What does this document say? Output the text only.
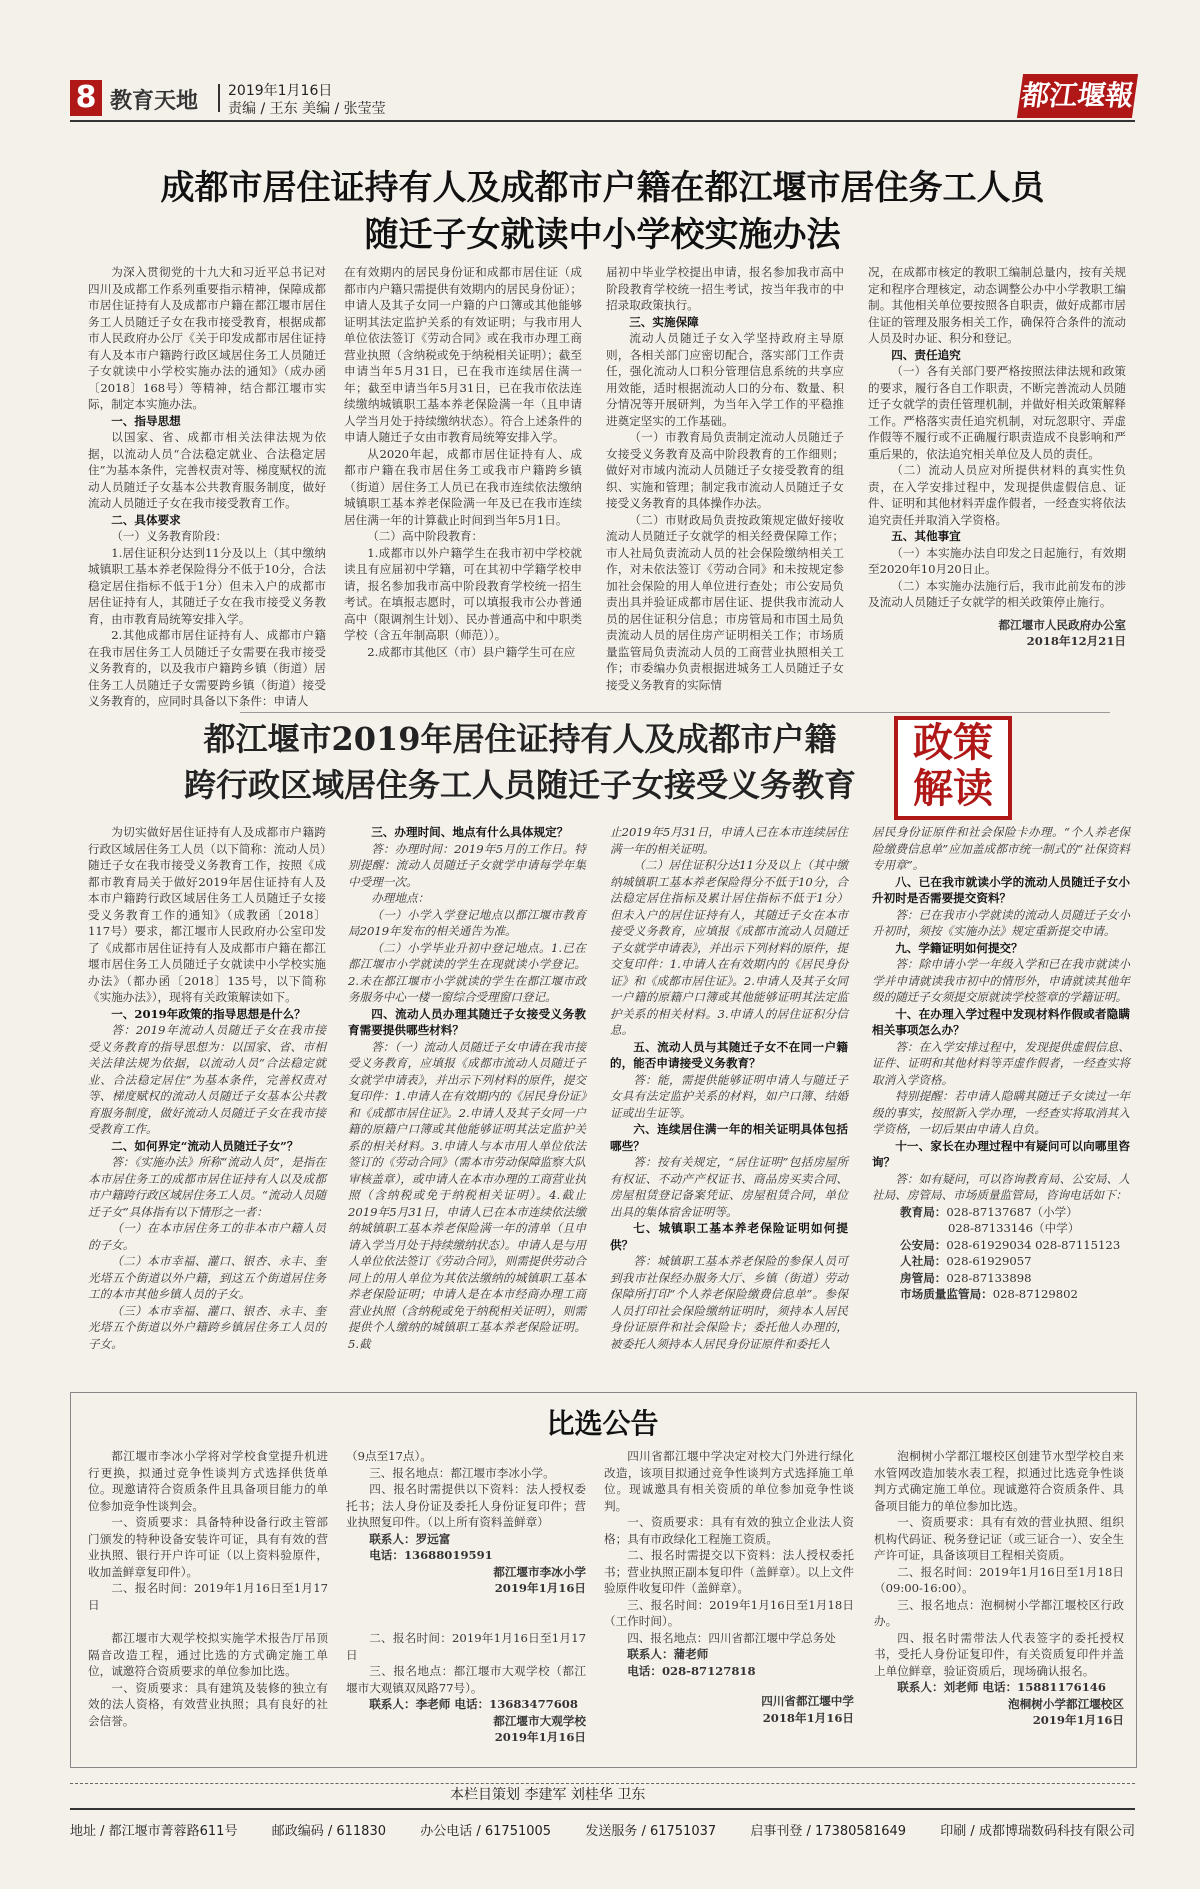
8 教育天地 2019年1月16日
责编 / 王东 美编 / 张莹莹	都江堰報
成都市居住证持有人及成都市户籍在都江堰市居住务工人员
随迁子女就读中小学校实施办法

为深入贯彻党的十九大和习近平总书记对四川及成都工作系列重要指示精神，保障成都市居住证持有人及成都市户籍在都江堰市居住务工人员随迁子女在我市接受教育，根据成都市人民政府办公厅《关于印发成都市居住证持有人及本市户籍跨行政区域居住务工人员随迁子女就读中小学校实施办法的通知》（成办函〔2018〕168号）等精神，结合都江堰市实际，制定本实施办法。

一、指导思想

以国家、省、成都市相关法律法规为依据，以流动人员“合法稳定就业、合法稳定居住”为基本条件，完善权责对等、梯度赋权的流动人员随迁子女基本公共教育服务制度，做好流动人员随迁子女在我市接受教育工作。

二、具体要求

（一）义务教育阶段：

1.居住证积分达到11分及以上（其中缴纳城镇职工基本养老保险得分不低于10分，合法稳定居住指标不低于1分）但未入户的成都市居住证持有人，其随迁子女在我市接受义务教育，由市教育局统筹安排入学。

2.其他成都市居住证持有人、成都市户籍在我市居住务工人员随迁子女需要在我市接受义务教育的，以及我市户籍跨乡镇（街道）居住务工人员随迁子女需要跨乡镇（街道）接受义务教育的，应同时具备以下条件：申请人

在有效期内的居民身份证和成都市居住证（成都市内户籍只需提供有效期内的居民身份证）；申请人及其子女同一户籍的户口簿或其他能够证明其法定监护关系的有效证明；与我市用人单位依法签订《劳动合同》或在我市办理工商营业执照（含纳税或免于纳税相关证明）；截至申请当年5月31日，已在我市连续居住满一年；截至申请当年5月31日，已在我市依法连续缴纳城镇职工基本养老保险满一年（且申请人学当月处于持续缴纳状态）。符合上述条件的申请人随迁子女由市教育局统筹安排入学。

从2020年起，成都市居住证持有人、成都市户籍在我市居住务工或我市户籍跨乡镇（街道）居住务工人员已在我市连续依法缴纳城镇职工基本养老保险满一年及已在我市连续居住满一年的计算截止时间到当年5月1日。

（二）高中阶段教育：

1.成都市以外户籍学生在我市初中学校就读且有应届初中学籍，可在其初中学籍学校申请，报名参加我市高中阶段教育学校统一招生考试。在填报志愿时，可以填报我市公办普通高中（限调剂生计划）、民办普通高中和中职类学校（含五年制高职（师范））。

2.成都市其他区（市）县户籍学生可在应

届初中毕业学校提出申请，报名参加我市高中阶段教育学校统一招生考试，按当年我市的中招录取政策执行。

三、实施保障

流动人员随迁子女入学坚持政府主导原则，各相关部门应密切配合，落实部门工作责任，强化流动人口积分管理信息系统的共享应用效能，适时根据流动人口的分布、数量、积分情况等开展研判，为当年入学工作的平稳推进奠定坚实的工作基础。

（一）市教育局负责制定流动人员随迁子女接受义务教育及高中阶段教育的工作细则；做好对市域内流动人员随迁子女接受教育的组织、实施和管理；制定我市流动人员随迁子女接受义务教育的具体操作办法。

（二）市财政局负责按政策规定做好接收流动人员随迁子女就学的相关经费保障工作；市人社局负责流动人员的社会保险缴纳相关工作，对未依法签订《劳动合同》和未按规定参加社会保险的用人单位进行查处；市公安局负责出具并验证成都市居住证、提供我市流动人员的居住证积分信息；市房管局和市国土局负责流动人员的居住房产证明相关工作；市场质量监管局负责流动人员的工商营业执照相关工作；市委编办负责根据进城务工人员随迁子女接受义务教育的实际情

况，在成都市核定的教职工编制总量内，按有关规定和程序合理核定，动态调整公办中小学教职工编制。其他相关单位要按照各自职责，做好成都市居住证的管理及服务相关工作，确保符合条件的流动人员及时办证、积分和登记。

四、责任追究

（一）各有关部门要严格按照法律法规和政策的要求，履行各自工作职责，不断完善流动人员随迁子女就学的责任管理机制，并做好相关政策解释工作。严格落实责任追究机制，对玩忽职守、弄虚作假等不履行或不正确履行职责造成不良影响和严重后果的，依法追究相关单位及人员的责任。

（二）流动人员应对所提供材料的真实性负责，在入学安排过程中，发现提供虚假信息、证件、证明和其他材料弄虚作假者，一经查实将依法追究责任并取消入学资格。

五、其他事宜

（一）本实施办法自印发之日起施行，有效期至2020年10月20日止。

（二）本实施办法施行后，我市此前发布的涉及流动人员随迁子女就学的相关政策停止施行。

都江堰市人民政府办公室

2018年12月21日

都江堰市2019年居住证持有人及成都市户籍
跨行政区域居住务工人员随迁子女接受义务教育
政策
解读

为切实做好居住证持有人及成都市户籍跨行政区域居住务工人员（以下简称：流动人员）随迁子女在我市接受义务教育工作，按照《成都市教育局关于做好2019年居住证持有人及本市户籍跨行政区域居住务工人员随迁子女接受义务教育工作的通知》（成教函〔2018〕117号）要求，都江堰市人民政府办公室印发了《成都市居住证持有人及成都市户籍在都江堰市居住务工人员随迁子女就读中小学校实施办法》（都办函〔2018〕135号，以下简称《实施办法》），现将有关政策解读如下。

一、2019年政策的指导思想是什么？

答：2019年流动人员随迁子女在我市接受义务教育的指导思想为：以国家、省、市相关法律法规为依据，以流动人员“合法稳定就业、合法稳定居住”为基本条件，完善权责对等、梯度赋权的流动人员随迁子女基本公共教育服务制度，做好流动人员随迁子女在我市接受教育工作。

二、如何界定“流动人员随迁子女”？

答：《实施办法》所称“流动人员”，是指在本市居住务工的成都市居住证持有人以及成都市户籍跨行政区域居住务工人员。“流动人员随迁子女”具体指有以下情形之一者：

（一）在本市居住务工的非本市户籍人员的子女。

（二）本市幸福、灌口、银杏、永丰、奎光塔五个街道以外户籍，到这五个街道居住务工的本市其他乡镇人员的子女。

（三）本市幸福、灌口、银杏、永丰、奎光塔五个街道以外户籍跨乡镇居住务工人员的子女。

三、办理时间、地点有什么具体规定？

答：办理时间：2019年5月的工作日。特别提醒：流动人员随迁子女就学申请每学年集中受理一次。

办理地点：

（一）小学入学登记地点以都江堰市教育局2019年发布的相关通告为准。

（二）小学毕业升初中登记地点。1.已在都江堰市小学就读的学生在现就读小学登记。2.未在都江堰市小学就读的学生在都江堰市政务服务中心一楼一窗综合受理窗口登记。

四、流动人员办理其随迁子女接受义务教育需要提供哪些材料？

答：（一）流动人员随迁子女申请在我市接受义务教育，应填报《成都市流动人员随迁子女就学申请表》，并出示下列材料的原件，提交复印件：1.申请人在有效期内的《居民身份证》和《成都市居住证》。2.申请人及其子女同一户籍的原籍户口簿或其他能够证明其法定监护关系的相关材料。3.申请人与本市用人单位依法签订的《劳动合同》（需本市劳动保障监察大队审核盖章），或申请人在本市办理的工商营业执照（含纳税或免于纳税相关证明）。4.截止2019年5月31日，申请人已在本市连续依法缴纳城镇职工基本养老保险满一年的清单（且申请入学当月处于持续缴纳状态）。申请人是与用人单位依法签订《劳动合同》，则需提供劳动合同上的用人单位为其依法缴纳的城镇职工基本养老保险证明；申请人是在本市经商办理工商营业执照（含纳税或免于纳税相关证明），则需提供个人缴纳的城镇职工基本养老保险证明。5.截

止2019年5月31日，申请人已在本市连续居住满一年的相关证明。

（二）居住证积分达11分及以上（其中缴纳城镇职工基本养老保险得分不低于10分，合法稳定居住指标及累计居住指标不低于1分）但未入户的居住证持有人，其随迁子女在本市接受义务教育，应填报《成都市流动人员随迁子女就学申请表》，并出示下列材料的原件，提交复印件：1.申请人在有效期内的《居民身份证》和《成都市居住证》。2.申请人及其子女同一户籍的原籍户口簿或其他能够证明其法定监护关系的相关材料。3.申请人的居住证积分信息。

五、流动人员与其随迁子女不在同一户籍的，能否申请接受义务教育？

答：能，需提供能够证明申请人与随迁子女具有法定监护关系的材料，如户口簿、结婚证或出生证等。

六、连续居住满一年的相关证明具体包括哪些？

答：按有关规定，“居住证明”包括房屋所有权证、不动产产权证书、商品房买卖合同、房屋租赁登记备案凭证、房屋租赁合同，单位出具的集体宿舍证明等。

七、城镇职工基本养老保险证明如何提供？

答：城镇职工基本养老保险的参保人员可到我市社保经办服务大厅、乡镇（街道）劳动保障所打印“个人养老保险缴费信息单”。参保人员打印社会保险缴纳证明时，须持本人居民身份证原件和社会保险卡；委托他人办理的，被委托人须持本人居民身份证原件和委托人

居民身份证原件和社会保险卡办理。“个人养老保险缴费信息单”应加盖成都市统一制式的“社保资料专用章”。

八、已在我市就读小学的流动人员随迁子女小升初时是否需要提交资料？

答：已在我市小学就读的流动人员随迁子女小升初时，须按《实施办法》规定重新提交申请。

九、学籍证明如何提交？

答：除申请小学一年级入学和已在我市就读小学并申请就读我市初中的情形外，申请就读其他年级的随迁子女须提交原就读学校签章的学籍证明。

十、在办理入学过程中发现材料作假或者隐瞒相关事项怎么办？

答：在入学安排过程中，发现提供虚假信息、证件、证明和其他材料等弄虚作假者，一经查实将取消入学资格。

特别提醒：若申请人隐瞒其随迁子女读过一年级的事实，按照新入学办理，一经查实将取消其入学资格，一切后果由申请人自负。

十一、家长在办理过程中有疑问可以向哪里咨询？

答：如有疑问，可以咨询教育局、公安局、人社局、房管局、市场质量监管局，咨询电话如下：

教育局：028-87137687（小学）
028-87133146（中学）
公安局：028-61929034 028-87115123
人社局：028-61929057
房管局：028-87133898
市场质量监管局：028-87129802
比选公告

都江堰市李冰小学将对学校食堂提升机进行更换，拟通过竞争性谈判方式选择供货单位。现邀请符合资质条件且具备项目能力的单位参加竞争性谈判会。

一、资质要求：具备特种设备行政主管部门颁发的特种设备安装许可证，具有有效的营业执照、银行开户许可证（以上资料验原件，收加盖鲜章复印件）。

二、报名时间：2019年1月16日至1月17日

（9点至17点）。

三、报名地点：都江堰市李冰小学。

四、报名时需提供以下资料：法人授权委托书；法人身份证及委托人身份证复印件；营业执照复印件。（以上所有资料盖鲜章）

联系人：罗远富

电话：13688019591

都江堰市李冰小学

2019年1月16日

都江堰市大观学校拟实施学术报告厅吊顶隔音改造工程，通过比选的方式确定施工单位，诚邀符合资质要求的单位参加比选。

一、资质要求：具有建筑及装修的独立有效的法人资格，有效营业执照；具有良好的社会信誉。

二、报名时间：2019年1月16日至1月17日

三、报名地点：都江堰市大观学校（都江堰市大观镇双凤路77号）。

联系人：李老师 电话：13683477608

都江堰市大观学校

2019年1月16日

四川省都江堰中学决定对校大门外进行绿化改造，该项目拟通过竞争性谈判方式选择施工单位。现诚邀具有相关资质的单位参加竞争性谈判。

一、资质要求：具有有效的独立企业法人资格；具有市政绿化工程施工资质。

二、报名时需提交以下资料：法人授权委托书；营业执照正副本复印件（盖鲜章）。以上文件验原件收复印件（盖鲜章）。

三、报名时间：2019年1月16日至1月18日（工作时间）。

四、报名地点：四川省都江堰中学总务处

联系人：蒲老师

电话：028-87127818

四川省都江堰中学

2018年1月16日

泡桐树小学都江堰校区创建节水型学校自来水管网改造加装水表工程，拟通过比选竞争性谈判方式确定施工单位。现诚邀符合资质条件、具备项目能力的单位参加比选。

一、资质要求：具有有效的营业执照、组织机构代码证、税务登记证（或三证合一）、安全生产许可证，具备该项目工程相关资质。

二、报名时间：2019年1月16日至1月18日（09:00-16:00）。

三、报名地点：泡桐树小学都江堰校区行政办。

四、报名时需带法人代表签字的委托授权书，受托人身份证复印件，有关资质复印件并盖上单位鲜章，验证资质后，现场确认报名。

联系人：刘老师 电话：15881176146

泡桐树小学都江堰校区

2019年1月16日

本栏目策划 李建军 刘桂华 卫东
地址 / 都江堰市菁蓉路611号	邮政编码 / 611830	办公电话 / 61751005	发送服务 / 61751037	启事刊登 / 17380581649	印刷 / 成都博瑞数码科技有限公司
